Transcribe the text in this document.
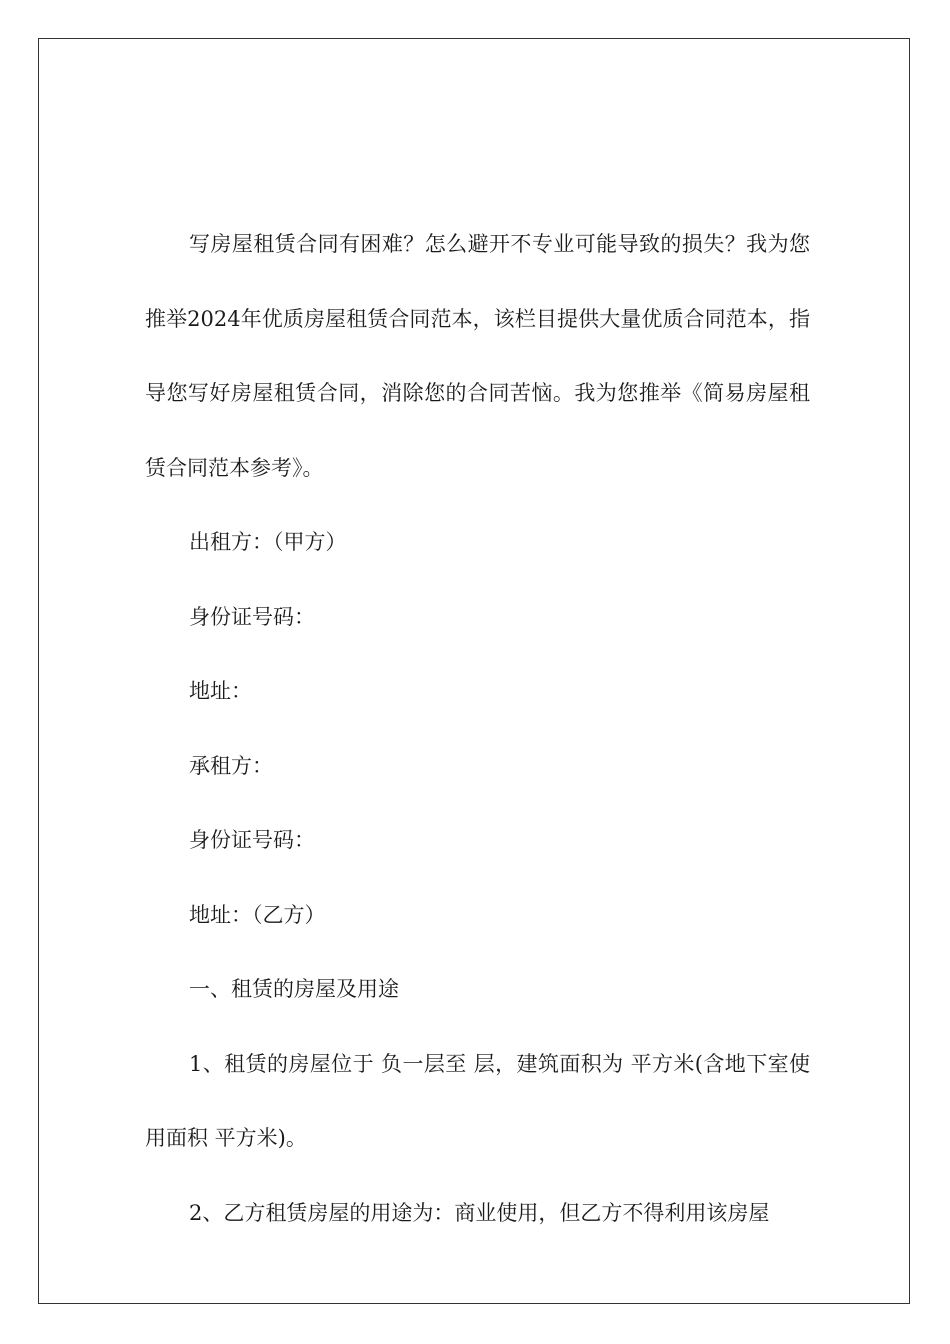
写房屋租赁合同有困难？怎么避开不专业可能导致的损失？我为您推举2024年优质房屋租赁合同范本，该栏目提供大量优质合同范本，指导您写好房屋租赁合同，消除您的合同苦恼。我为您推举《简易房屋租赁合同范本参考》。

出租方：（甲方）

身份证号码：

地址：

承租方：

身份证号码：

地址：（乙方）

一、租赁的房屋及用途

1、租赁的房屋位于 负一层至 层，建筑面积为 平方米(含地下室使用面积 平方米)。

2、乙方租赁房屋的用途为：商业使用，但乙方不得利用该房屋
